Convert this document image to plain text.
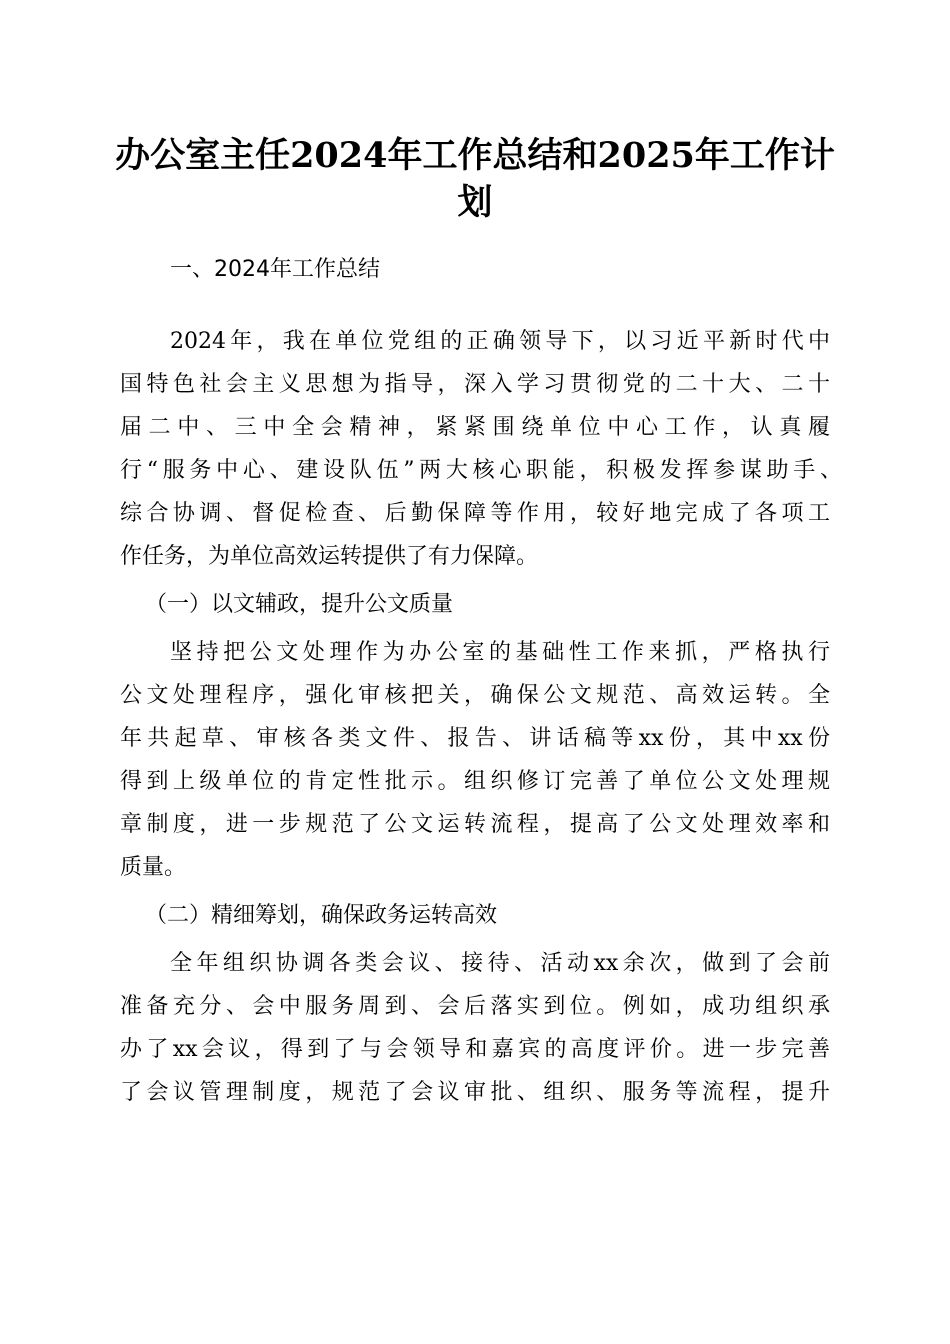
办公室主任2024年工作总结和2025年工作计
划
一、2024年工作总结
2024年，我在单位党组的正确领导下，以习近平新时代中
国特色社会主义思想为指导，深入学习贯彻党的二十大、二十
届二中、三中全会精神，紧紧围绕单位中心工作，认真履
行“服务中心、建设队伍”两大核心职能，积极发挥参谋助手、
综合协调、督促检查、后勤保障等作用，较好地完成了各项工
作任务，为单位高效运转提供了有力保障。
（一）以文辅政，提升公文质量
坚持把公文处理作为办公室的基础性工作来抓，严格执行
公文处理程序，强化审核把关，确保公文规范、高效运转。全
年共起草、审核各类文件、报告、讲话稿等xx份，其中xx份
得到上级单位的肯定性批示。组织修订完善了单位公文处理规
章制度，进一步规范了公文运转流程，提高了公文处理效率和
质量。
（二）精细筹划，确保政务运转高效
全年组织协调各类会议、接待、活动xx余次，做到了会前
准备充分、会中服务周到、会后落实到位。例如，成功组织承
办了xx会议，得到了与会领导和嘉宾的高度评价。进一步完善
了会议管理制度，规范了会议审批、组织、服务等流程，提升
